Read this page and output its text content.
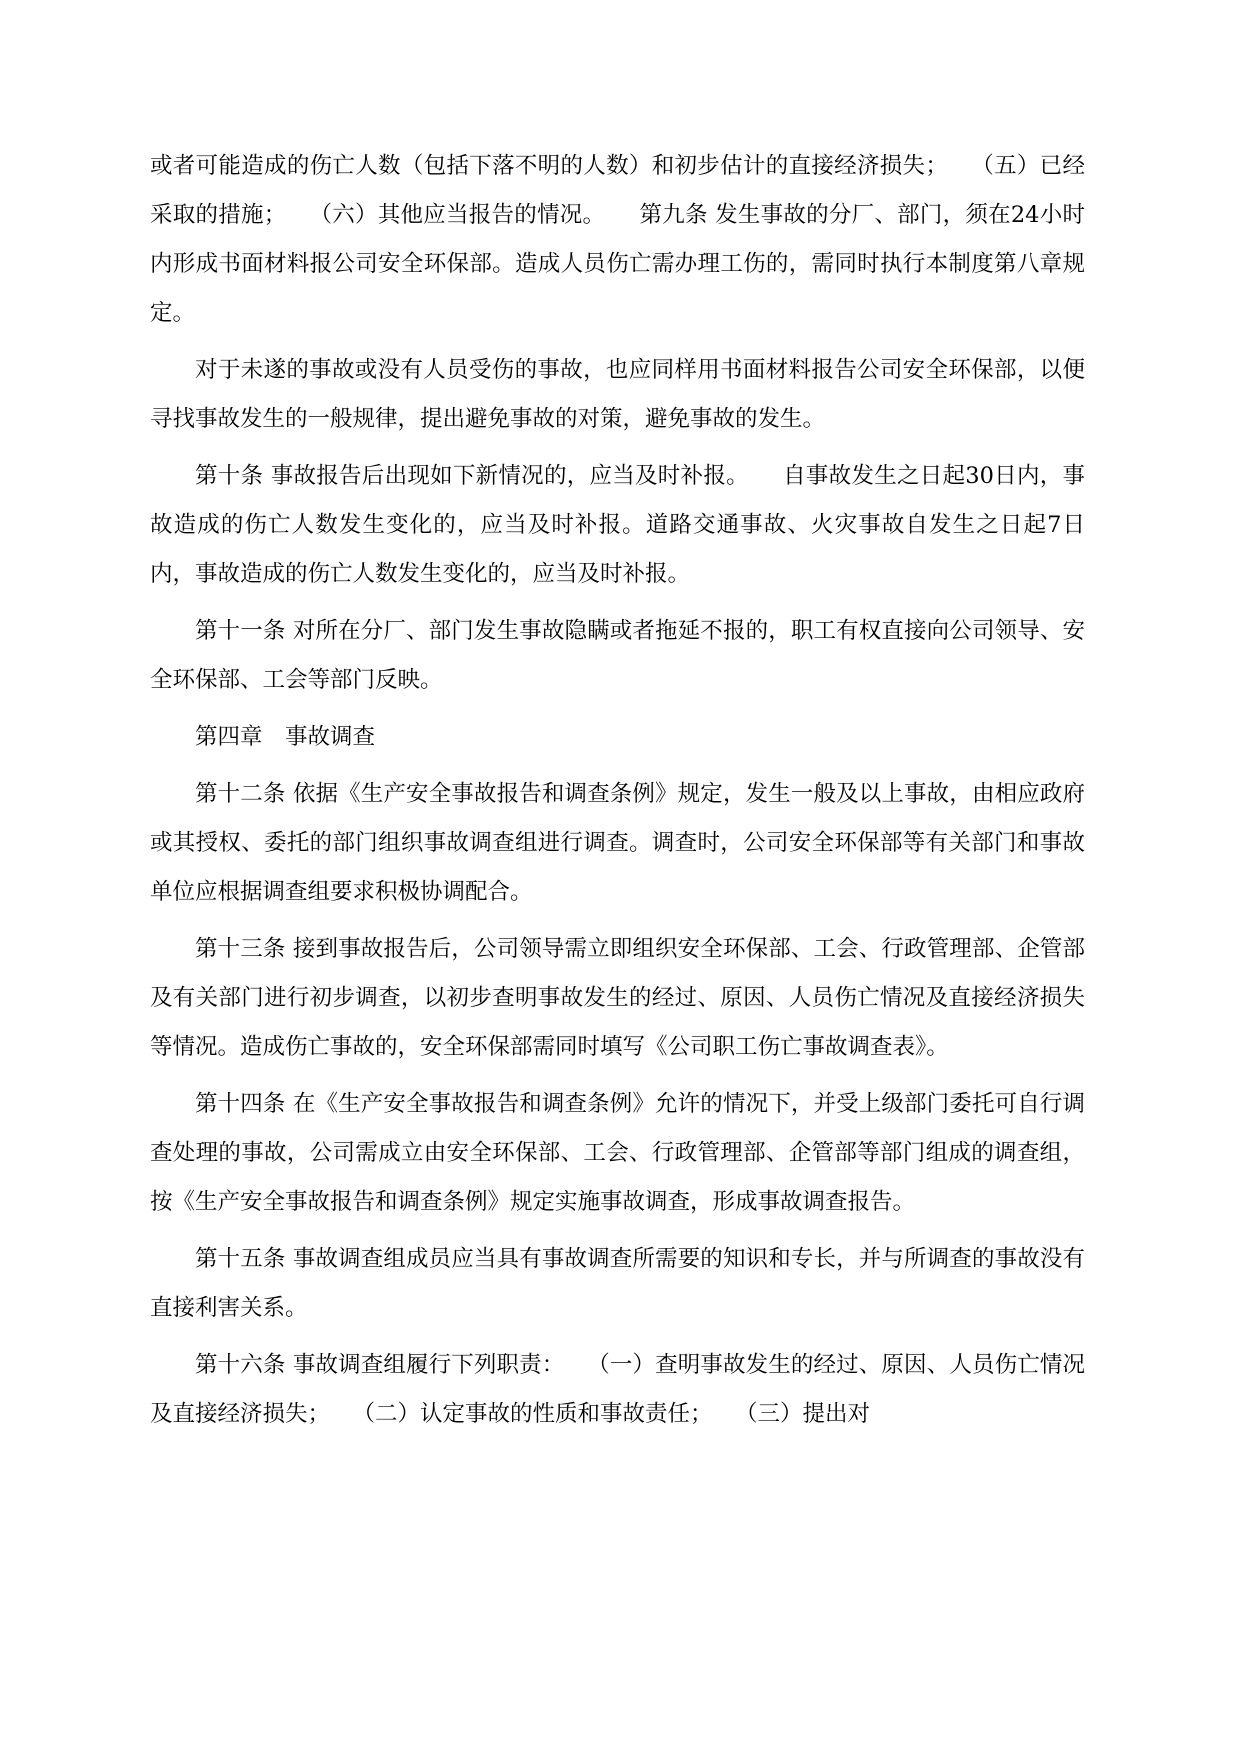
或者可能造成的伤亡人数（包括下落不明的人数）和初步估计的直接经济损失；　　（五）已经采取的措施；　　（六）其他应当报告的情况。　　第九条 发生事故的分厂、部门，须在24小时内形成书面材料报公司安全环保部。造成人员伤亡需办理工伤的，需同时执行本制度第八章规定。

对于未遂的事故或没有人员受伤的事故，也应同样用书面材料报告公司安全环保部，以便寻找事故发生的一般规律，提出避免事故的对策，避免事故的发生。

第十条 事故报告后出现如下新情况的，应当及时补报。　　自事故发生之日起30日内，事故造成的伤亡人数发生变化的，应当及时补报。道路交通事故、火灾事故自发生之日起7日内，事故造成的伤亡人数发生变化的，应当及时补报。

第十一条 对所在分厂、部门发生事故隐瞒或者拖延不报的，职工有权直接向公司领导、安全环保部、工会等部门反映。

第四章　事故调查

第十二条 依据《生产安全事故报告和调查条例》规定，发生一般及以上事故，由相应政府或其授权、委托的部门组织事故调查组进行调查。调查时，公司安全环保部等有关部门和事故单位应根据调查组要求积极协调配合。

第十三条 接到事故报告后，公司领导需立即组织安全环保部、工会、行政管理部、企管部及有关部门进行初步调查，以初步查明事故发生的经过、原因、人员伤亡情况及直接经济损失等情况。造成伤亡事故的，安全环保部需同时填写《公司职工伤亡事故调查表》。

第十四条 在《生产安全事故报告和调查条例》允许的情况下，并受上级部门委托可自行调查处理的事故，公司需成立由安全环保部、工会、行政管理部、企管部等部门组成的调查组，按《生产安全事故报告和调查条例》规定实施事故调查，形成事故调查报告。

第十五条 事故调查组成员应当具有事故调查所需要的知识和专长，并与所调查的事故没有直接利害关系。

第十六条 事故调查组履行下列职责：　　（一）查明事故发生的经过、原因、人员伤亡情况及直接经济损失；　　（二）认定事故的性质和事故责任；　　（三）提出对
